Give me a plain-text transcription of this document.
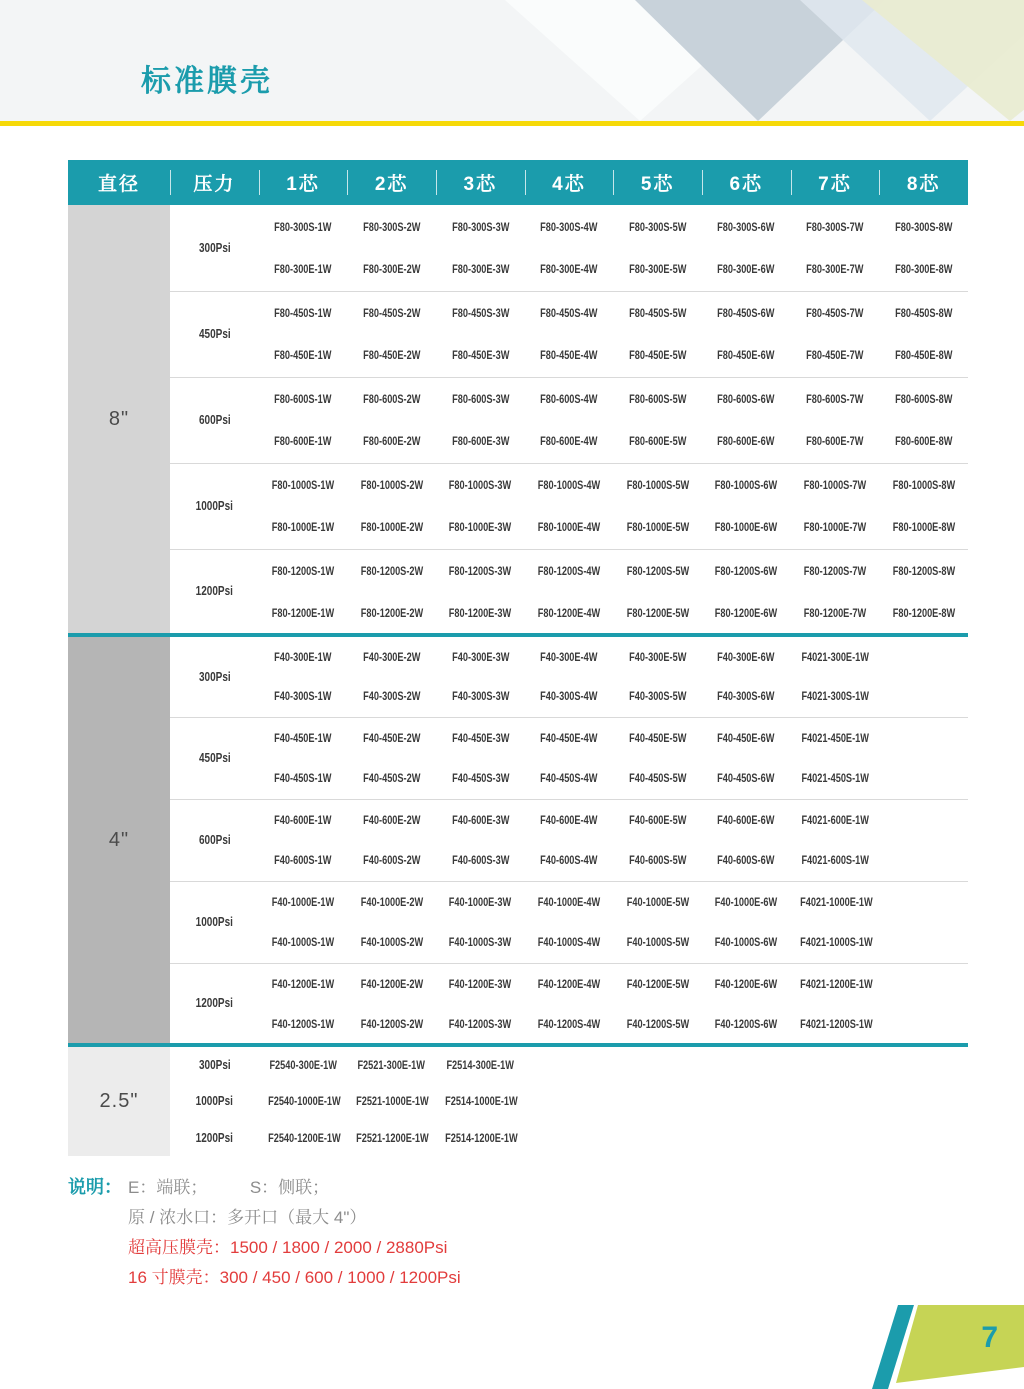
标准膜壳
直径	压力	1芯	2芯	3芯	4芯	5芯	6芯	7芯	8芯
8"	300Psi	F80-300S-1W	F80-300S-2W	F80-300S-3W	F80-300S-4W	F80-300S-5W	F80-300S-6W	F80-300S-7W	F80-300S-8W
		F80-300E-1W	F80-300E-2W	F80-300E-3W	F80-300E-4W	F80-300E-5W	F80-300E-6W	F80-300E-7W	F80-300E-8W
	450Psi	F80-450S-1W	F80-450S-2W	F80-450S-3W	F80-450S-4W	F80-450S-5W	F80-450S-6W	F80-450S-7W	F80-450S-8W
		F80-450E-1W	F80-450E-2W	F80-450E-3W	F80-450E-4W	F80-450E-5W	F80-450E-6W	F80-450E-7W	F80-450E-8W
	600Psi	F80-600S-1W	F80-600S-2W	F80-600S-3W	F80-600S-4W	F80-600S-5W	F80-600S-6W	F80-600S-7W	F80-600S-8W
		F80-600E-1W	F80-600E-2W	F80-600E-3W	F80-600E-4W	F80-600E-5W	F80-600E-6W	F80-600E-7W	F80-600E-8W
	1000Psi	F80-1000S-1W	F80-1000S-2W	F80-1000S-3W	F80-1000S-4W	F80-1000S-5W	F80-1000S-6W	F80-1000S-7W	F80-1000S-8W
		F80-1000E-1W	F80-1000E-2W	F80-1000E-3W	F80-1000E-4W	F80-1000E-5W	F80-1000E-6W	F80-1000E-7W	F80-1000E-8W
	1200Psi	F80-1200S-1W	F80-1200S-2W	F80-1200S-3W	F80-1200S-4W	F80-1200S-5W	F80-1200S-6W	F80-1200S-7W	F80-1200S-8W
		F80-1200E-1W	F80-1200E-2W	F80-1200E-3W	F80-1200E-4W	F80-1200E-5W	F80-1200E-6W	F80-1200E-7W	F80-1200E-8W
4"	300Psi	F40-300E-1W	F40-300E-2W	F40-300E-3W	F40-300E-4W	F40-300E-5W	F40-300E-6W	F4021-300E-1W	
		F40-300S-1W	F40-300S-2W	F40-300S-3W	F40-300S-4W	F40-300S-5W	F40-300S-6W	F4021-300S-1W	
	450Psi	F40-450E-1W	F40-450E-2W	F40-450E-3W	F40-450E-4W	F40-450E-5W	F40-450E-6W	F4021-450E-1W	
		F40-450S-1W	F40-450S-2W	F40-450S-3W	F40-450S-4W	F40-450S-5W	F40-450S-6W	F4021-450S-1W	
	600Psi	F40-600E-1W	F40-600E-2W	F40-600E-3W	F40-600E-4W	F40-600E-5W	F40-600E-6W	F4021-600E-1W	
		F40-600S-1W	F40-600S-2W	F40-600S-3W	F40-600S-4W	F40-600S-5W	F40-600S-6W	F4021-600S-1W	
	1000Psi	F40-1000E-1W	F40-1000E-2W	F40-1000E-3W	F40-1000E-4W	F40-1000E-5W	F40-1000E-6W	F4021-1000E-1W	
		F40-1000S-1W	F40-1000S-2W	F40-1000S-3W	F40-1000S-4W	F40-1000S-5W	F40-1000S-6W	F4021-1000S-1W	
	1200Psi	F40-1200E-1W	F40-1200E-2W	F40-1200E-3W	F40-1200E-4W	F40-1200E-5W	F40-1200E-6W	F4021-1200E-1W	
		F40-1200S-1W	F40-1200S-2W	F40-1200S-3W	F40-1200S-4W	F40-1200S-5W	F40-1200S-6W	F4021-1200S-1W	
2.5"	300Psi	F2540-300E-1W	F2521-300E-1W	F2514-300E-1W					
	1000Psi	F2540-1000E-1W	F2521-1000E-1W	F2514-1000E-1W					
	1200Psi	F2540-1200E-1W	F2521-1200E-1W	F2514-1200E-1W					
说明： E：端联；　　　S：侧联；
原 / 浓水口：多开口（最大 4"）
超高压膜壳：1500 / 1800 / 2000 / 2880Psi
16 寸膜壳：300 / 450 / 600 / 1000 / 1200Psi
7
